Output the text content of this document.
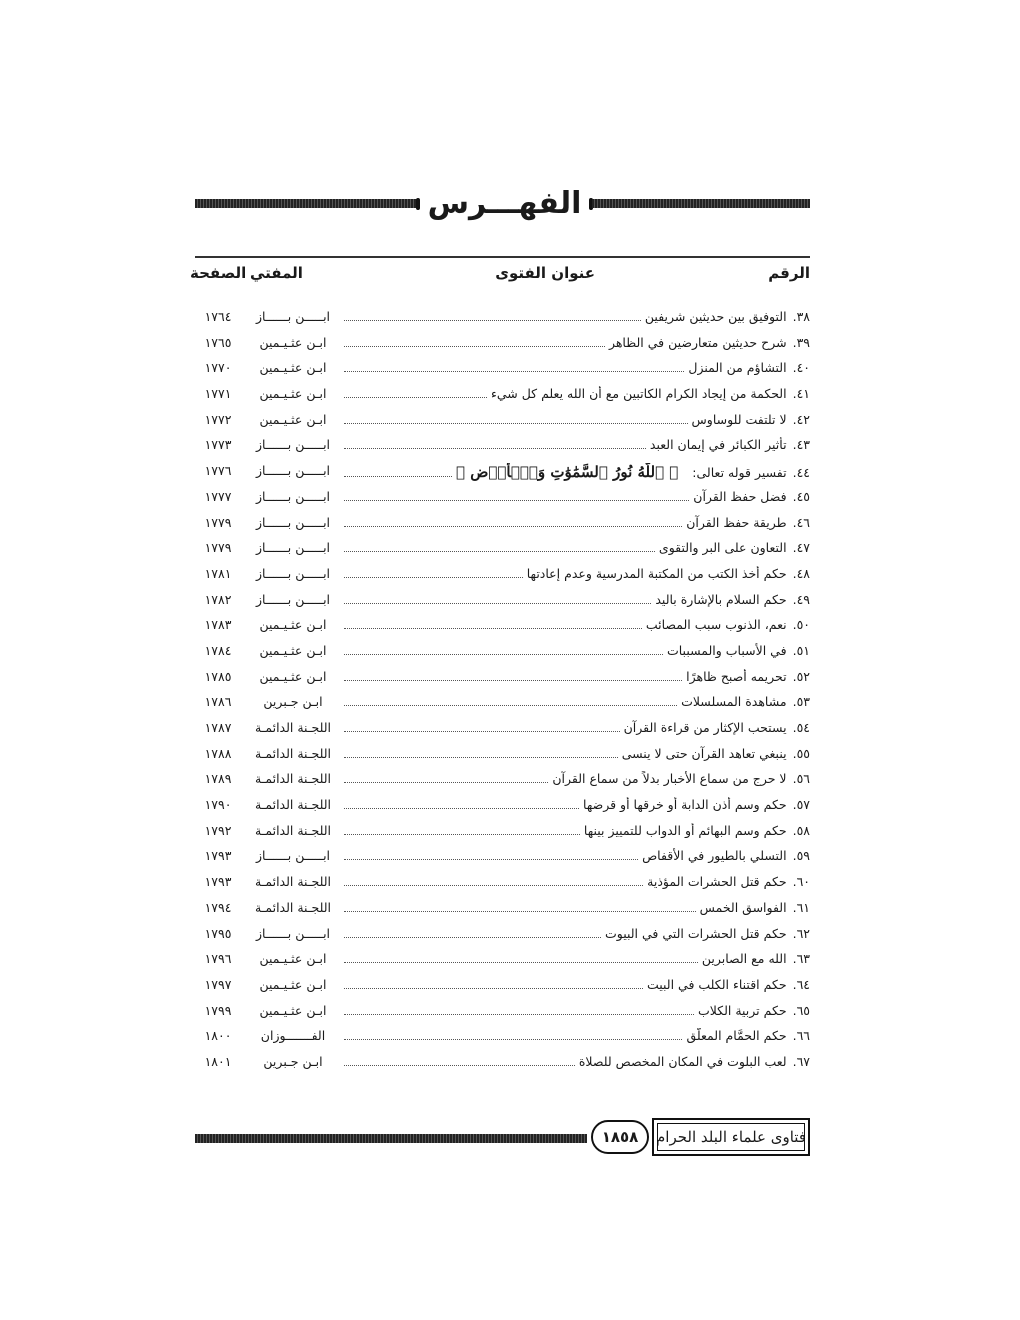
الفهـــرس
الرقم
عنوان الفتوى
المفتي
الصفحة
٣٨.
التوفيق بين حديثين شريفين
ابـــــن بــــــاز
١٧٦٤
٣٩.
شرح حديثين متعارضين في الظاهر
ابـن عثـيـمين
١٧٦٥
٤٠.
التشاؤم من المنزل
ابـن عثـيـمين
١٧٧٠
٤١.
الحكمة من إيجاد الكرام الكاتبين مع أن الله يعلم كل شيء
ابـن عثـيـمين
١٧٧١
٤٢.
لا تلتفت للوساوس
ابـن عثـيـمين
١٧٧٢
٤٣.
تأثير الكبائر في إيمان العبد
ابـــــن بــــــاز
١٧٧٣
٤٤.
تفسير قوله تعالى:
﴿ ٱللَّهُ نُورُ ٱلسَّمَٰوَٰتِ وَٱلۡأَرۡضِ ﴾
ابـــــن بــــــاز
١٧٧٦
٤٥.
فضل حفظ القرآن
ابـــــن بــــــاز
١٧٧٧
٤٦.
طريقة حفظ القرآن
ابـــــن بــــــاز
١٧٧٩
٤٧.
التعاون على البر والتقوى
ابـــــن بــــــاز
١٧٧٩
٤٨.
حكم أخذ الكتب من المكتبة المدرسية وعدم إعادتها
ابـــــن بــــــاز
١٧٨١
٤٩.
حكم السلام بالإشارة باليد
ابـــــن بــــــاز
١٧٨٢
٥٠.
نعم، الذنوب سبب المصائب
ابـن عثـيـمين
١٧٨٣
٥١.
في الأسباب والمسببات
ابـن عثـيـمين
١٧٨٤
٥٢.
تحريمه أصبح ظاهرًا
ابـن عثـيـمين
١٧٨٥
٥٣.
مشاهدة المسلسلات
ابـن جـبرين
١٧٨٦
٥٤.
يستحب الإكثار من قراءة القرآن
اللجـنة الدائمـة
١٧٨٧
٥٥.
ينبغي تعاهد القرآن حتى لا ينسى
اللجـنة الدائمـة
١٧٨٨
٥٦.
لا حرج من سماع الأخبار بدلاً من سماع القرآن
اللجـنة الدائمـة
١٧٨٩
٥٧.
حكم وسم أذن الدابة أو خرقها أو قرضها
اللجـنة الدائمـة
١٧٩٠
٥٨.
حكم وسم البهائم أو الدواب للتمييز بينها
اللجـنة الدائمـة
١٧٩٢
٥٩.
التسلي بالطيور في الأقفاص
ابـــــن بــــــاز
١٧٩٣
٦٠.
حكم قتل الحشرات المؤذية
اللجـنة الدائمـة
١٧٩٣
٦١.
الفواسق الخمس
اللجـنة الدائمـة
١٧٩٤
٦٢.
حكم قتل الحشرات التي في البيوت
ابـــــن بــــــاز
١٧٩٥
٦٣.
الله مع الصابرين
ابـن عثـيـمين
١٧٩٦
٦٤.
حكم اقتناء الكلب في البيت
ابـن عثـيـمين
١٧٩٧
٦٥.
حكم تربية الكلاب
ابـن عثـيـمين
١٧٩٩
٦٦.
حكم الحمَّام المعلَّق
الفـــــــوزان
١٨٠٠
٦٧.
لعب البلوت في المكان المخصص للصلاة
ابـن جـبرين
١٨٠١
١٨٥٨	فتاوى علماء البلد الحرام
